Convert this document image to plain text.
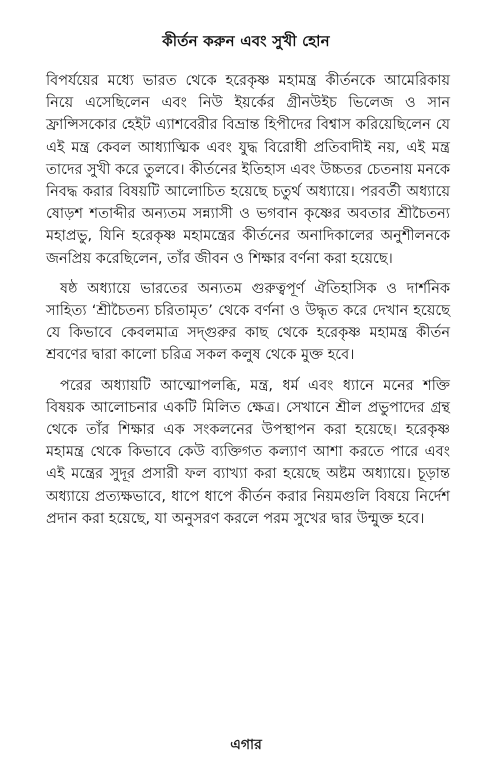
কীর্তন করুন এবং সুখী হোন

বিপর্যয়ের মধ্যে ভারত থেকে হরেকৃষ্ণ মহামন্ত্র কীর্তনকে আমেরিকায় নিয়ে এসেছিলেন এবং নিউ ইয়র্কের গ্রীনউইচ ভিলেজ ও সান ফ্রান্সিসকোর হেইট এ্যাশবেরীর বিভ্রান্ত হিপীদের বিশ্বাস করিয়েছিলেন যে এই মন্ত্র কেবল আধ্যাত্মিক এবং যুদ্ধ বিরোধী প্রতিবাদীই নয়, এই মন্ত্র তাদের সুখী করে তুলবে। কীর্তনের ইতিহাস এবং উচ্চতর চেতনায় মনকে নিবদ্ধ করার বিষয়টি আলোচিত হয়েছে চতুর্থ অধ্যায়ে। পরবর্তী অধ্যায়ে ষোড়শ শতাব্দীর অন্যতম সন্ন্যাসী ও ভগবান কৃষ্ণের অবতার শ্রীচৈতন্য মহাপ্রভু, যিনি হরেকৃষ্ণ মহামন্ত্রের কীর্তনের অনাদিকালের অনুশীলনকে জনপ্রিয় করেছিলেন, তাঁর জীবন ও শিক্ষার বর্ণনা করা হয়েছে।

ষষ্ঠ অধ্যায়ে ভারতের অন্যতম গুরুত্বপূর্ণ ঐতিহাসিক ও দার্শনিক সাহিত্য ‘শ্রীচৈতন্য চরিতামৃত’ থেকে বর্ণনা ও উদ্ধৃত করে দেখান হয়েছে যে কিভাবে কেবলমাত্র সদ্‌গুরুর কাছ থেকে হরেকৃষ্ণ মহামন্ত্র কীর্তন শ্রবণের দ্বারা কালো চরিত্র সকল কলুষ থেকে মুক্ত হবে।

পরের অধ্যায়টি আত্মোপলব্ধি, মন্ত্র, ধর্ম এবং ধ্যানে মনের শক্তি বিষয়ক আলোচনার একটি মিলিত ক্ষেত্র। সেখানে শ্রীল প্রভুপাদের গ্রন্থ থেকে তাঁর শিক্ষার এক সংকলনের উপস্থাপন করা হয়েছে। হরেকৃষ্ণ মহামন্ত্র থেকে কিভাবে কেউ ব্যক্তিগত কল্যাণ আশা করতে পারে এবং এই মন্ত্রের সুদূর প্রসারী ফল ব্যাখ্যা করা হয়েছে অষ্টম অধ্যায়ে। চূড়ান্ত অধ্যায়ে প্রত্যক্ষভাবে, ধাপে ধাপে কীর্তন করার নিয়মগুলি বিষয়ে নির্দেশ প্রদান করা হয়েছে, যা অনুসরণ করলে পরম সুখের দ্বার উন্মুক্ত হবে।

এগার
